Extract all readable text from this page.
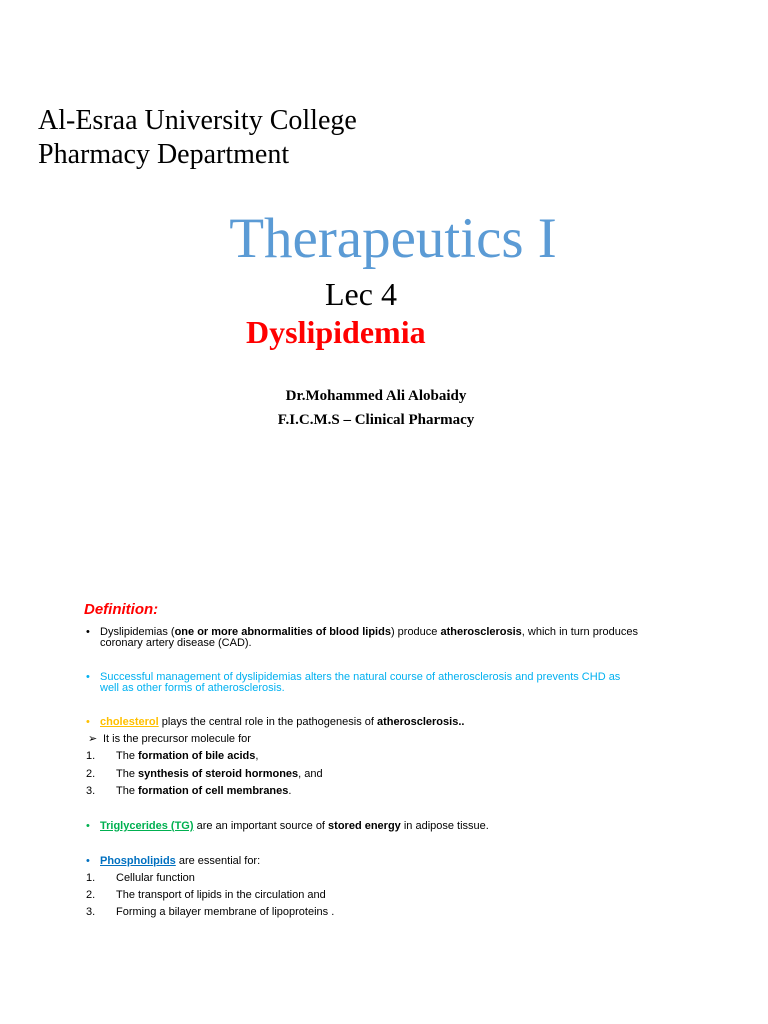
Al-Esraa University College
Pharmacy Department
Therapeutics I
Lec 4
Dyslipidemia
Dr.Mohammed Ali Alobaidy
F.I.C.M.S – Clinical Pharmacy
Definition:
• Dyslipidemias (one or more abnormalities of blood lipids) produce atherosclerosis, which in turn produces
coronary artery disease (CAD).
• Successful management of dyslipidemias alters the natural course of atherosclerosis and prevents CHD as
well as other forms of atherosclerosis.
• cholesterol plays the central role in the pathogenesis of atherosclerosis..
➢ It is the precursor molecule for
1. The formation of bile acids,
2. The synthesis of steroid hormones, and
3. The formation of cell membranes.
• Triglycerides (TG) are an important source of stored energy in adipose tissue.
• Phospholipids are essential for:
1. Cellular function
2. The transport of lipids in the circulation and
3. Forming a bilayer membrane of lipoproteins .
